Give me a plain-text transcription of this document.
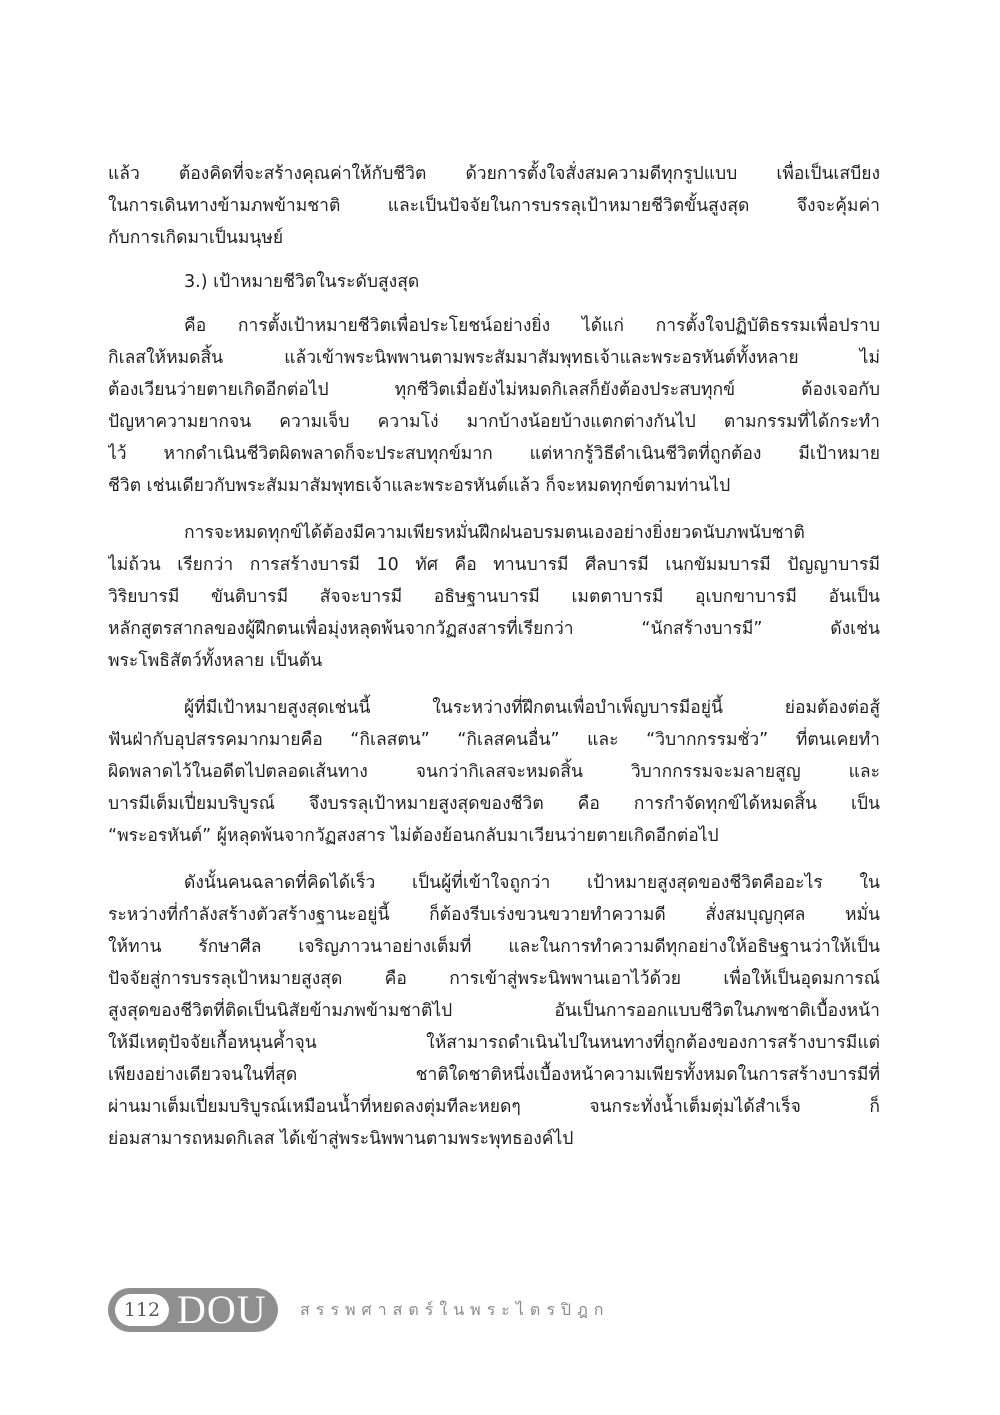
แล้ว ต้องคิดที่จะสร้างคุณค่าให้กับชีวิต ด้วยการตั้งใจสั่งสมความดีทุกรูปแบบ เพื่อเป็นเสบียง
ในการเดินทางข้ามภพข้ามชาติ และเป็นปัจจัยในการบรรลุเป้าหมายชีวิตขั้นสูงสุด จึงจะคุ้มค่า
กับการเกิดมาเป็นมนุษย์
3.) เป้าหมายชีวิตในระดับสูงสุด
คือ การตั้งเป้าหมายชีวิตเพื่อประโยชน์อย่างยิ่ง ได้แก่ การตั้งใจปฏิบัติธรรมเพื่อปราบ
กิเลสให้หมดสิ้น แล้วเข้าพระนิพพานตามพระสัมมาสัมพุทธเจ้าและพระอรหันต์ทั้งหลาย ไม่
ต้องเวียนว่ายตายเกิดอีกต่อไป ทุกชีวิตเมื่อยังไม่หมดกิเลสก็ยังต้องประสบทุกข์ ต้องเจอกับ
ปัญหาความยากจน ความเจ็บ ความโง่ มากบ้างน้อยบ้างแตกต่างกันไป ตามกรรมที่ได้กระทำ
ไว้ หากดำเนินชีวิตผิดพลาดก็จะประสบทุกข์มาก แต่หากรู้วิธีดำเนินชีวิตที่ถูกต้อง มีเป้าหมาย
ชีวิต เช่นเดียวกับพระสัมมาสัมพุทธเจ้าและพระอรหันต์แล้ว ก็จะหมดทุกข์ตามท่านไป
การจะหมดทุกข์ได้ต้องมีความเพียรหมั่นฝึกฝนอบรมตนเองอย่างยิ่งยวดนับภพนับชาติ
ไม่ถ้วน เรียกว่า การสร้างบารมี 10 ทัศ คือ ทานบารมี ศีลบารมี เนกขัมมบารมี ปัญญาบารมี
วิริยบารมี ขันติบารมี สัจจะบารมี อธิษฐานบารมี เมตตาบารมี อุเบกขาบารมี อันเป็น
หลักสูตรสากลของผู้ฝึกตนเพื่อมุ่งหลุดพ้นจากวัฏสงสารที่เรียกว่า “นักสร้างบารมี” ดังเช่น
พระโพธิสัตว์ทั้งหลาย เป็นต้น
ผู้ที่มีเป้าหมายสูงสุดเช่นนี้ ในระหว่างที่ฝึกตนเพื่อบำเพ็ญบารมีอยู่นี้ ย่อมต้องต่อสู้
ฟันฝ่ากับอุปสรรคมากมายคือ “กิเลสตน” “กิเลสคนอื่น” และ “วิบากกรรมชั่ว” ที่ตนเคยทำ
ผิดพลาดไว้ในอดีตไปตลอดเส้นทาง จนกว่ากิเลสจะหมดสิ้น วิบากกรรมจะมลายสูญ และ
บารมีเต็มเปี่ยมบริบูรณ์ จึงบรรลุเป้าหมายสูงสุดของชีวิต คือ การกำจัดทุกข์ได้หมดสิ้น เป็น
“พระอรหันต์” ผู้หลุดพ้นจากวัฏสงสาร ไม่ต้องย้อนกลับมาเวียนว่ายตายเกิดอีกต่อไป
ดังนั้นคนฉลาดที่คิดได้เร็ว เป็นผู้ที่เข้าใจถูกว่า เป้าหมายสูงสุดของชีวิตคืออะไร ใน
ระหว่างที่กำลังสร้างตัวสร้างฐานะอยู่นี้ ก็ต้องรีบเร่งขวนขวายทำความดี สั่งสมบุญกุศล หมั่น
ให้ทาน รักษาศีล เจริญภาวนาอย่างเต็มที่ และในการทำความดีทุกอย่างให้อธิษฐานว่าให้เป็น
ปัจจัยสู่การบรรลุเป้าหมายสูงสุด คือ การเข้าสู่พระนิพพานเอาไว้ด้วย เพื่อให้เป็นอุดมการณ์
สูงสุดของชีวิตที่ติดเป็นนิสัยข้ามภพข้ามชาติไป อันเป็นการออกแบบชีวิตในภพชาติเบื้องหน้า
ให้มีเหตุปัจจัยเกื้อหนุนค้ำจุน ให้สามารถดำเนินไปในหนทางที่ถูกต้องของการสร้างบารมีแต่
เพียงอย่างเดียวจนในที่สุด ชาติใดชาติหนึ่งเบื้องหน้าความเพียรทั้งหมดในการสร้างบารมีที่
ผ่านมาเต็มเปี่ยมบริบูรณ์เหมือนน้ำที่หยดลงตุ่มทีละหยดๆ จนกระทั่งน้ำเต็มตุ่มได้สำเร็จ ก็
ย่อมสามารถหมดกิเลส ได้เข้าสู่พระนิพพานตามพระพุทธองค์ไป
112 DOU สรรพศาสตร์ในพระไตรปิฎก
